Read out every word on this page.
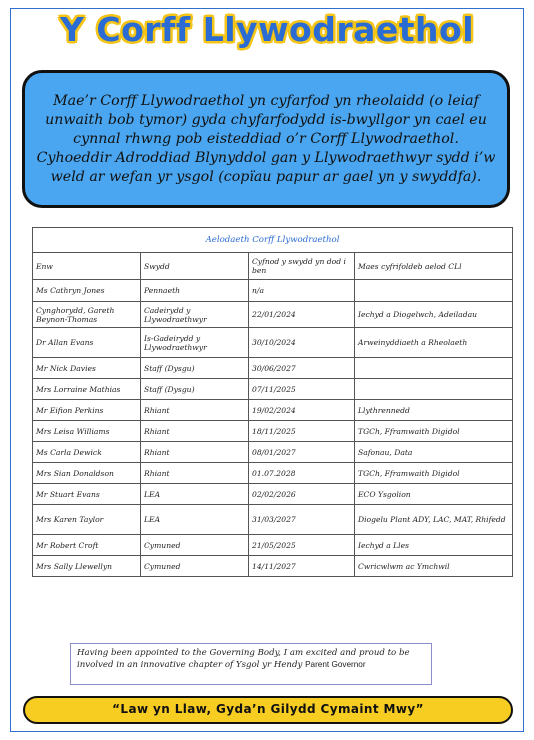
Y Corff Llywodraethol

Mae’r Corff Llywodraethol yn cyfarfod yn rheolaidd (o leiaf unwaith bob tymor) gyda chyfarfodydd is-bwyllgor yn cael eu cynnal rhwng pob eisteddiad o’r Corff Llywodraethol. Cyhoeddir Adroddiad Blynyddol gan y Llywodraethwyr sydd i’w weld ar wefan yr ysgol (copïau papur ar gael yn y swyddfa).

Aelodaeth Corff Llywodraethol			
Enw	Swydd	Cyfnod y swydd yn dod i ben	Maes cyfrifoldeb aelod CLl
Ms Cathryn Jones	Pennaeth	n/a	
Cynghorydd, Gareth Beynon-Thomas	Cadeirydd y Llywodraethwyr	22/01/2024	Iechyd a Diogelwch, Adeiladau
Dr Allan Evans	Is-Gadeirydd y Llywodraethwyr	30/10/2024	Arweinyddiaeth a Rheolaeth
Mr Nick Davies	Staff (Dysgu)	30/06/2027	
Mrs Lorraine Mathias	Staff (Dysgu)	07/11/2025	
Mr Eifion Perkins	Rhiant	19/02/2024	Llythrennedd
Mrs Leisa Williams	Rhiant	18/11/2025	TGCh, Fframwaith Digidol
Ms Carla Dewick	Rhiant	08/01/2027	Safonau, Data
Mrs Sian Donaldson	Rhiant	01.07.2028	TGCh, Fframwaith Digidol
Mr Stuart Evans	LEA	02/02/2026	ECO Ysgolion
Mrs Karen Taylor	LEA	31/03/2027	Diogelu Plant ADY, LAC, MAT, Rhifedd
Mr Robert Croft	Cymuned	21/05/2025	Iechyd a Lles
Mrs Sally Llewellyn	Cymuned	14/11/2027	Cwricwlwm ac Ymchwil
Having been appointed to the Governing Body, I am excited and proud to be involved in an innovative chapter of Ysgol yr Hendy Parent Governor
“Law yn Llaw, Gyda’n Gilydd Cymaint Mwy”
